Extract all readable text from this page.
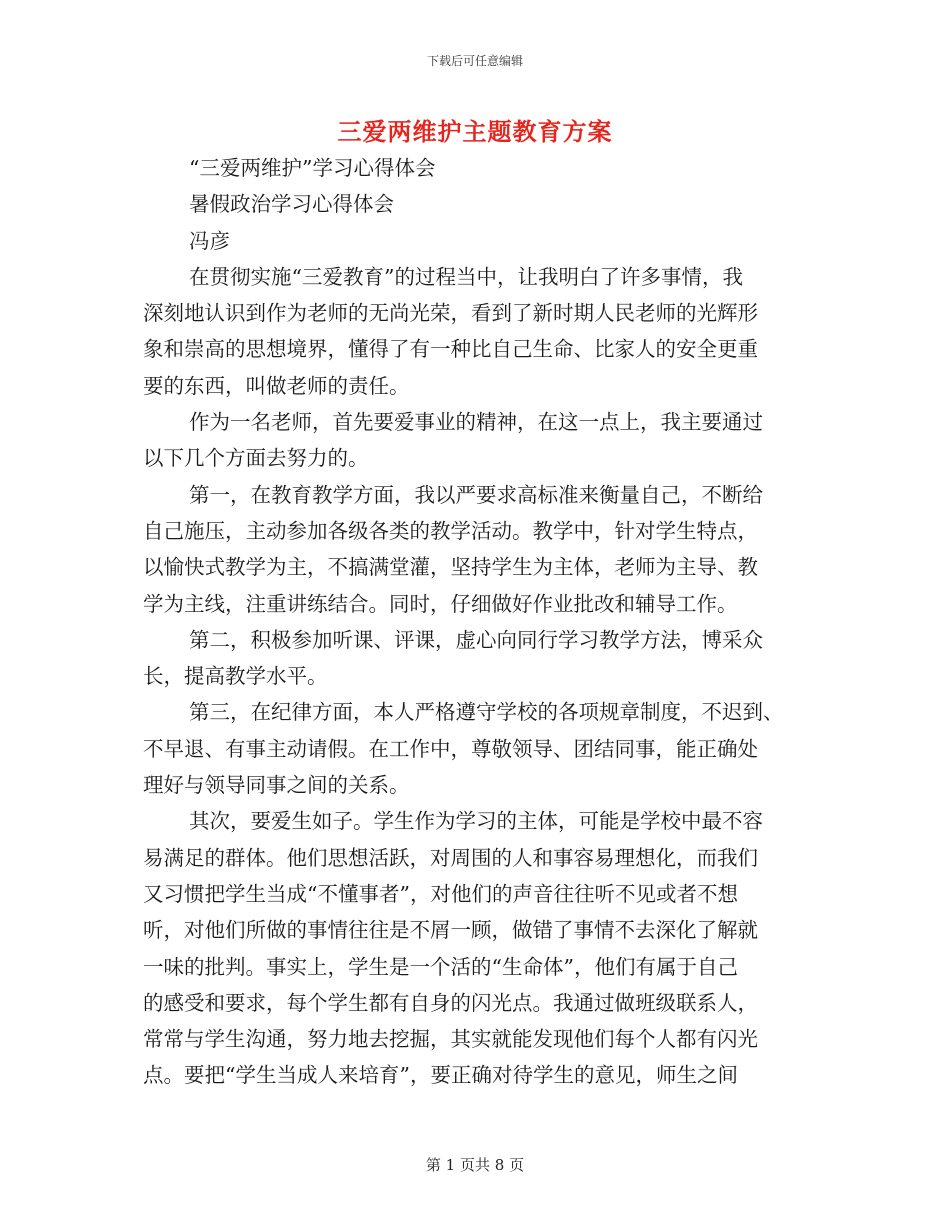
下载后可任意编辑
三爱两维护主题教育方案
“三爱两维护”学习心得体会
暑假政治学习心得体会
冯彦
在贯彻实施“三爱教育”的过程当中，让我明白了许多事情，我
深刻地认识到作为老师的无尚光荣，看到了新时期人民老师的光辉形
象和崇高的思想境界，懂得了有一种比自己生命、比家人的安全更重
要的东西，叫做老师的责任。
作为一名老师，首先要爱事业的精神，在这一点上，我主要通过
以下几个方面去努力的。
第一，在教育教学方面，我以严要求高标准来衡量自己，不断给
自己施压，主动参加各级各类的教学活动。教学中，针对学生特点，
以愉快式教学为主，不搞满堂灌，坚持学生为主体，老师为主导、教
学为主线，注重讲练结合。同时，仔细做好作业批改和辅导工作。
第二，积极参加听课、评课，虚心向同行学习教学方法，博采众
长，提高教学水平。
第三，在纪律方面，本人严格遵守学校的各项规章制度，不迟到、
不早退、有事主动请假。在工作中，尊敬领导、团结同事，能正确处
理好与领导同事之间的关系。
其次，要爱生如子。学生作为学习的主体，可能是学校中最不容
易满足的群体。他们思想活跃，对周围的人和事容易理想化，而我们
又习惯把学生当成“不懂事者”，对他们的声音往往听不见或者不想
听，对他们所做的事情往往是不屑一顾，做错了事情不去深化了解就
一味的批判。事实上，学生是一个活的“生命体”，他们有属于自己
的感受和要求，每个学生都有自身的闪光点。我通过做班级联系人，
常常与学生沟通，努力地去挖掘，其实就能发现他们每个人都有闪光
点。要把“学生当成人来培育”，要正确对待学生的意见，师生之间
第 1 页共 8 页
